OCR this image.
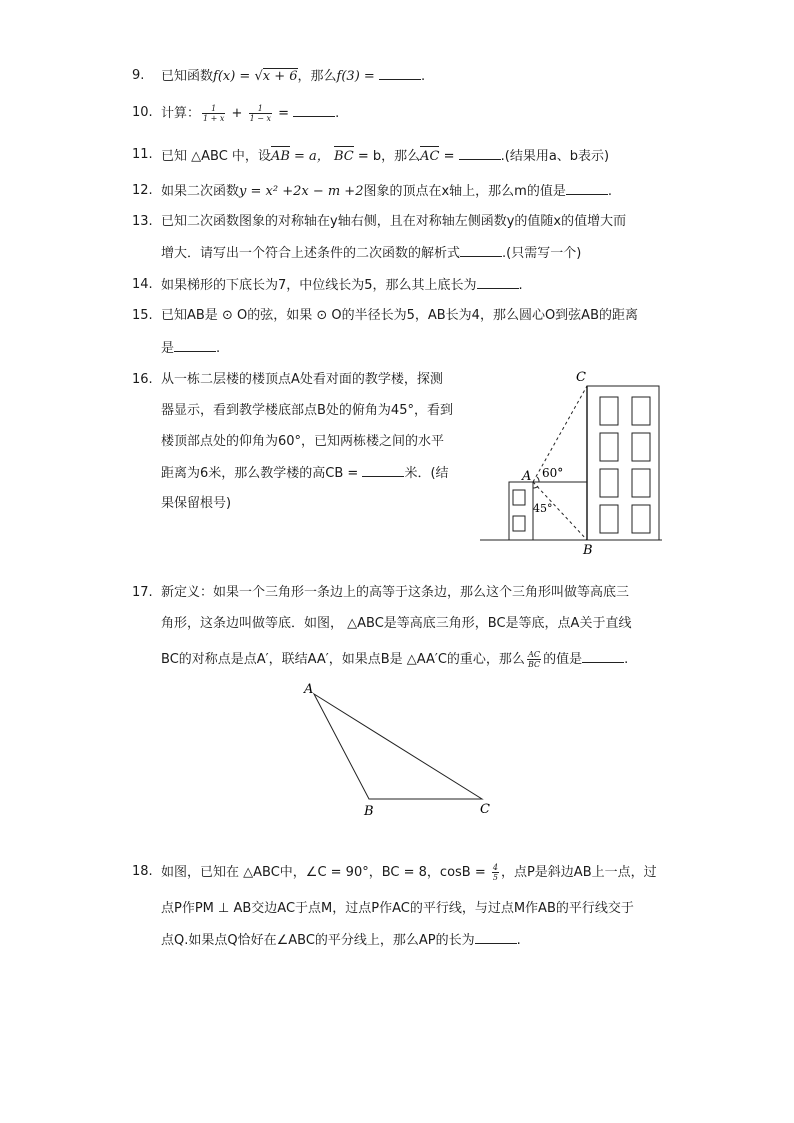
9.	已知函数f(x) = √x + 6，那么f(3) =	.
10. 计算： $\frac{1}{1 + x} + \frac{1}{1 - x}$ =	.
11. 已知 △ABC 中，设AB = a， BC = b，那么AC =	.(结果用a、b表示)
12. 如果二次函数y = x² +2x − m +2图象的顶点在x轴上，那么m的值是	.
13. 已知二次函数图象的对称轴在y轴右侧，且在对称轴左侧函数y的值随x的值增大而
增大．请写出一个符合上述条件的二次函数的解析式	.(只需写一个)
14. 如果梯形的下底长为7，中位线长为5，那么其上底长为	.
15. 已知AB是 ⊙ O的弦，如果 ⊙ O的半径长为5，AB长为4，那么圆心O到弦AB的距离
是	.
16. 从一栋二层楼的楼顶点A处看对面的教学楼，探测
器显示，看到教学楼底部点B处的俯角为45°，看到
楼顶部点处的仰角为60°，已知两栋楼之间的水平
距离为6米，那么教学楼的高CB =	米．(结
果保留根号)
C
A
B
60°
45°
17. 新定义：如果一个三角形一条边上的高等于这条边，那么这个三角形叫做等高底三
角形，这条边叫做等底．如图， △ABC是等高底三角形，BC是等底，点A关于直线
BC的对称点是点A′，联结AA′，如果点B是 △AA′C的重心，那么 $\frac{AC}{BC}$ 的值是	.
A
B	C
18. 如图，已知在 △ABC中，∠C = 90°，BC = 8，$\cos B = \frac{4}{5}$ ，点P是斜边AB上一点，过
点P作PM ⊥ AB交边AC于点M，过点P作AC的平行线，与过点M作AB的平行线交于
点Q.如果点Q恰好在∠ABC的平分线上，那么AP的长为	.
